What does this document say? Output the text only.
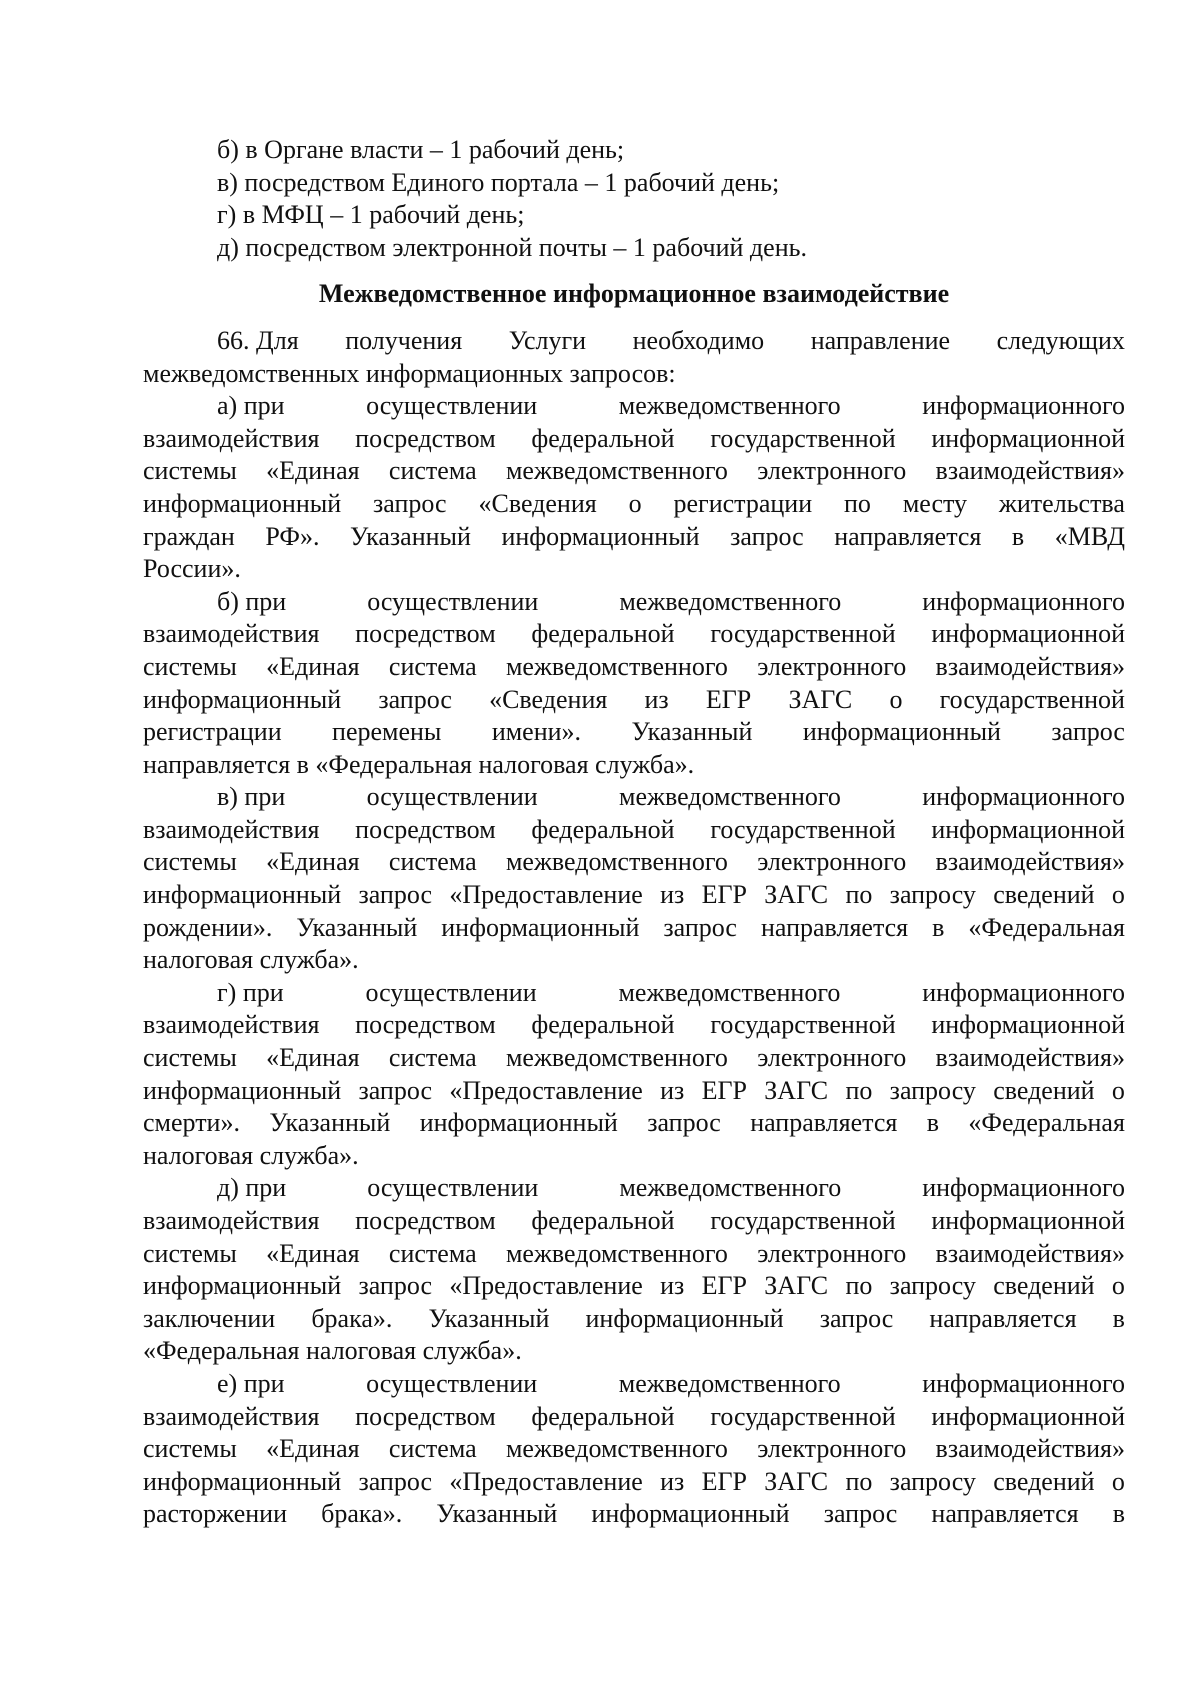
б) в Органе власти – 1 рабочий день;
в) посредством Единого портала – 1 рабочий день;
г) в МФЦ – 1 рабочий день;
д) посредством электронной почты – 1 рабочий день.
Межведомственное информационное взаимодействие
66. Для получения Услуги необходимо направление следующих
межведомственных информационных запросов:
а) при	осуществлении	межведомственного	информационного
взаимодействия посредством федеральной государственной информационной
системы «Единая система межведомственного электронного взаимодействия»
информационный запрос «Сведения о регистрации по месту жительства
граждан РФ». Указанный информационный запрос направляется в «МВД
России».
б) при	осуществлении	межведомственного	информационного
взаимодействия посредством федеральной государственной информационной
системы «Единая система межведомственного электронного взаимодействия»
информационный запрос «Сведения из ЕГР ЗАГС о государственной
регистрации перемены имени». Указанный информационный запрос
направляется в «Федеральная налоговая служба».
в) при	осуществлении	межведомственного	информационного
взаимодействия посредством федеральной государственной информационной
системы «Единая система межведомственного электронного взаимодействия»
информационный запрос «Предоставление из ЕГР ЗАГС по запросу сведений о
рождении». Указанный информационный запрос направляется в «Федеральная
налоговая служба».
г) при	осуществлении	межведомственного	информационного
взаимодействия посредством федеральной государственной информационной
системы «Единая система межведомственного электронного взаимодействия»
информационный запрос «Предоставление из ЕГР ЗАГС по запросу сведений о
смерти». Указанный информационный запрос направляется в «Федеральная
налоговая служба».
д) при	осуществлении	межведомственного	информационного
взаимодействия посредством федеральной государственной информационной
системы «Единая система межведомственного электронного взаимодействия»
информационный запрос «Предоставление из ЕГР ЗАГС по запросу сведений о
заключении брака». Указанный информационный запрос направляется в
«Федеральная налоговая служба».
е) при	осуществлении	межведомственного	информационного
взаимодействия посредством федеральной государственной информационной
системы «Единая система межведомственного электронного взаимодействия»
информационный запрос «Предоставление из ЕГР ЗАГС по запросу сведений о
расторжении брака». Указанный информационный запрос направляется в
